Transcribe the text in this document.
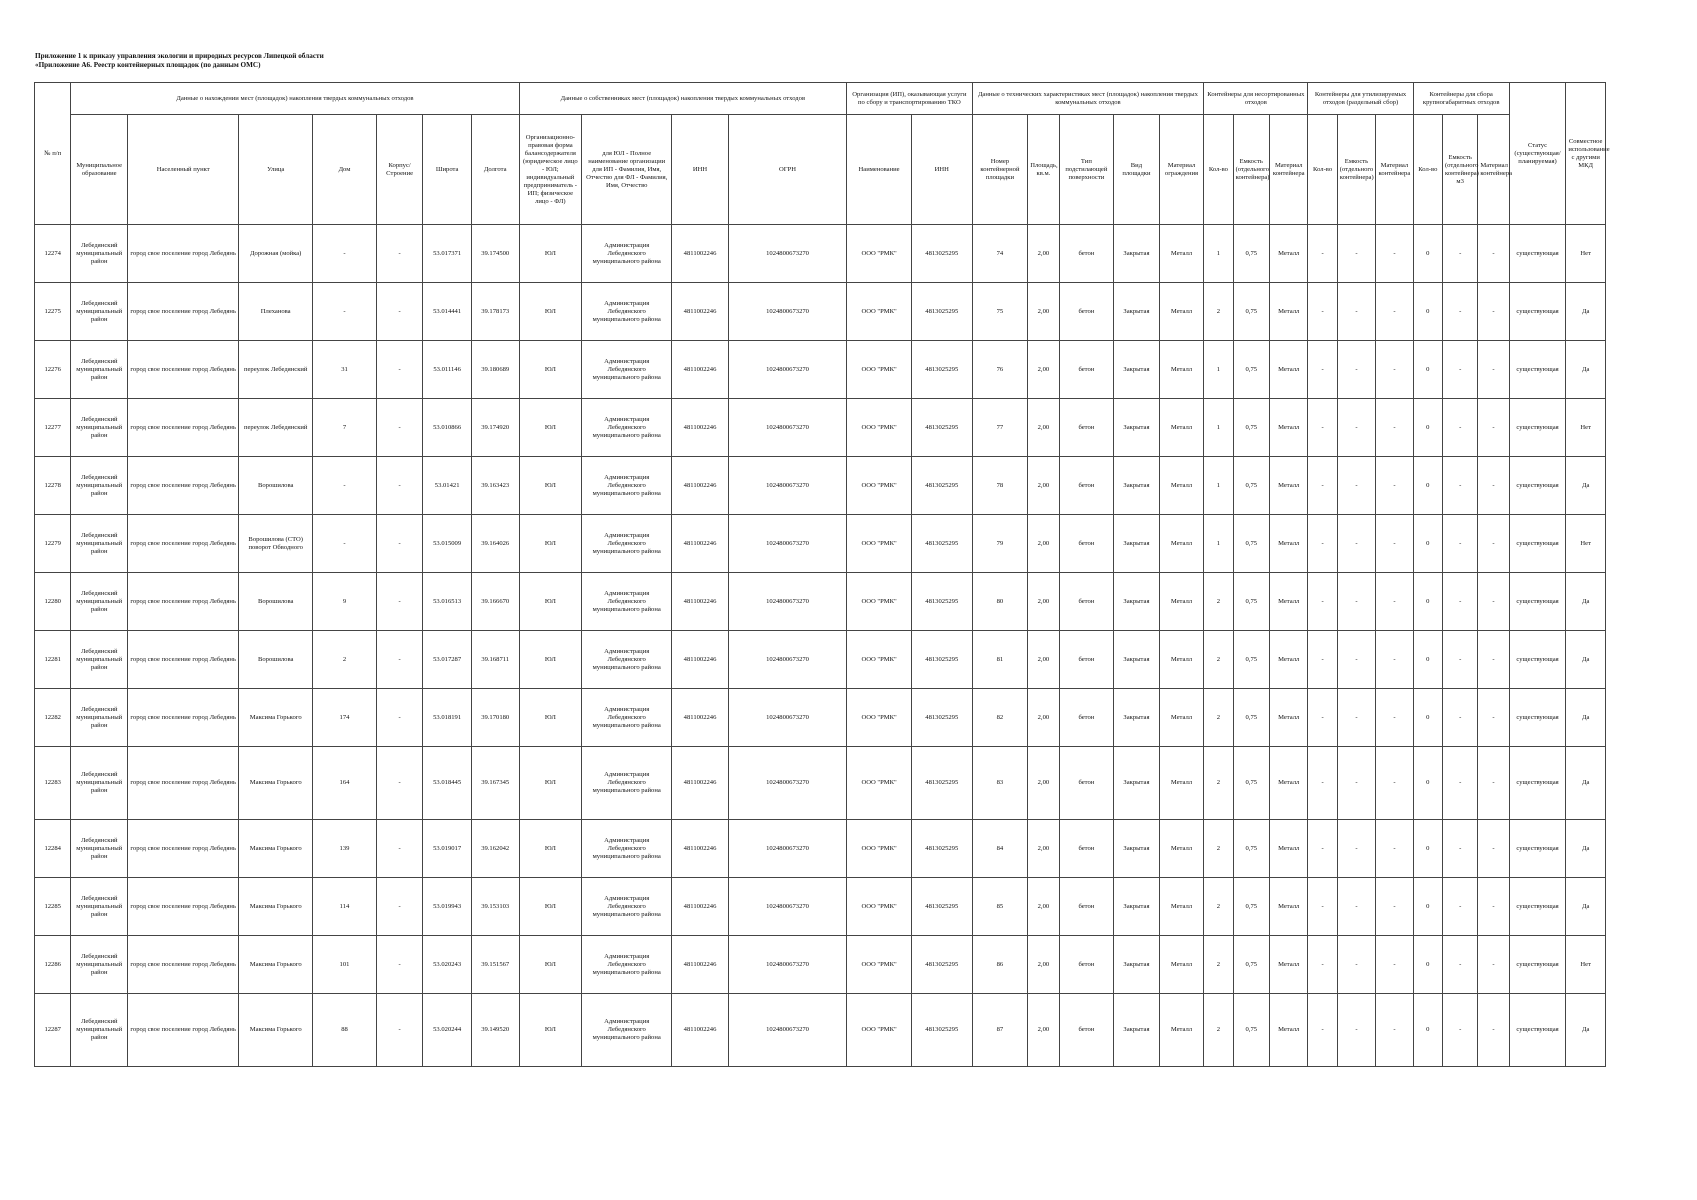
Приложение 1 к приказу управления экологии и природных ресурсов Липецкой области
«Приложение А6. Реестр контейнерных площадок (по данным ОМС)
№ п/п	Данные о нахождении мест (площадок) накопления твердых коммунальных отходов							Данные о собственниках мест (площадок) накопления твердых коммунальных отходов				Организация (ИП), оказывающая услуги по сбору и транспортированию ТКО		Данные о технических характеристиках мест (площадок) накопления твердых коммунальных отходов					Контейнеры для несортированных отходов			Контейнеры для утилизируемых отходов (раздельный сбор)			Контейнеры для сбора крупногабаритных отходов			Статус (существующая/ планируемая)	Совместное использование с другими МКД
	Муниципальное образование	Населенный пункт	Улица	Дом	Корпус/Строение	Широта	Долгота	Организационно-правовая форма балансодержателя (юридическое лицо - ЮЛ; индивидуальный предприниматель - ИП; физическое лицо - ФЛ)	для ЮЛ - Полное наименование организации для ИП - Фамилия, Имя, Отчество для ФЛ - Фамилия, Имя, Отчество	ИНН	ОГРН	Наименование	ИНН	Номер контейнерной площадки	Площадь, кв.м.	Тип подстилающей поверхности	Вид площадки	Материал ограждения	Кол-во	Емкость (отдельного контейнера)	Материал контейнера	Кол-во	Емкость (отдельного контейнера)	Материал контейнера	Кол-во	Емкость (отдельного контейнера) м3	Материал контейнера		
12274	Лебедянский муниципальный район	город свое поселение город Лебедянь	Дорожная (мойка)	-	-	53.017371	39.174500	ЮЛ	Администрация Лебедянского муниципального района	4811002246	1024800673270	ООО "РМК"	4813025295	74	2,00	бетон	Закрытая	Металл	1	0,75	Металл	-	-	-	0	-	-	существующая	Нет
12275	Лебедянский муниципальный район	город свое поселение город Лебедянь	Плеханова	-	-	53.014441	39.178173	ЮЛ	Администрация Лебедянского муниципального района	4811002246	1024800673270	ООО "РМК"	4813025295	75	2,00	бетон	Закрытая	Металл	2	0,75	Металл	-	-	-	0	-	-	существующая	Да
12276	Лебедянский муниципальный район	город свое поселение город Лебедянь	переулок Лебедянский	31	-	53.011146	39.180689	ЮЛ	Администрация Лебедянского муниципального района	4811002246	1024800673270	ООО "РМК"	4813025295	76	2,00	бетон	Закрытая	Металл	1	0,75	Металл	-	-	-	0	-	-	существующая	Да
12277	Лебедянский муниципальный район	город свое поселение город Лебедянь	переулок Лебедянский	7	-	53.010866	39.174920	ЮЛ	Администрация Лебедянского муниципального района	4811002246	1024800673270	ООО "РМК"	4813025295	77	2,00	бетон	Закрытая	Металл	1	0,75	Металл	-	-	-	0	-	-	существующая	Нет
12278	Лебедянский муниципальный район	город свое поселение город Лебедянь	Ворошилова	-	-	53.01421	39.163423	ЮЛ	Администрация Лебедянского муниципального района	4811002246	1024800673270	ООО "РМК"	4813025295	78	2,00	бетон	Закрытая	Металл	1	0,75	Металл	-	-	-	0	-	-	существующая	Да
12279	Лебедянский муниципальный район	город свое поселение город Лебедянь	Ворошилова (СТО) поворот Обводного	-	-	53.015009	39.164026	ЮЛ	Администрация Лебедянского муниципального района	4811002246	1024800673270	ООО "РМК"	4813025295	79	2,00	бетон	Закрытая	Металл	1	0,75	Металл	-	-	-	0	-	-	существующая	Нет
12280	Лебедянский муниципальный район	город свое поселение город Лебедянь	Ворошилова	9	-	53.016513	39.166670	ЮЛ	Администрация Лебедянского муниципального района	4811002246	1024800673270	ООО "РМК"	4813025295	80	2,00	бетон	Закрытая	Металл	2	0,75	Металл	-	-	-	0	-	-	существующая	Да
12281	Лебедянский муниципальный район	город свое поселение город Лебедянь	Ворошилова	2	-	53.017287	39.168711	ЮЛ	Администрация Лебедянского муниципального района	4811002246	1024800673270	ООО "РМК"	4813025295	81	2,00	бетон	Закрытая	Металл	2	0,75	Металл	-	-	-	0	-	-	существующая	Да
12282	Лебедянский муниципальный район	город свое поселение город Лебедянь	Максима Горького	174	-	53.018191	39.170180	ЮЛ	Администрация Лебедянского муниципального района	4811002246	1024800673270	ООО "РМК"	4813025295	82	2,00	бетон	Закрытая	Металл	2	0,75	Металл	-	-	-	0	-	-	существующая	Да
12283	Лебедянский муниципальный район	город свое поселение город Лебедянь	Максима Горького	164	-	53.018445	39.167345	ЮЛ	Администрация Лебедянского муниципального района	4811002246	1024800673270	ООО "РМК"	4813025295	83	2,00	бетон	Закрытая	Металл	2	0,75	Металл	-	-	-	0	-	-	существующая	Да
12284	Лебедянский муниципальный район	город свое поселение город Лебедянь	Максима Горького	139	-	53.019017	39.162042	ЮЛ	Администрация Лебедянского муниципального района	4811002246	1024800673270	ООО "РМК"	4813025295	84	2,00	бетон	Закрытая	Металл	2	0,75	Металл	-	-	-	0	-	-	существующая	Да
12285	Лебедянский муниципальный район	город свое поселение город Лебедянь	Максима Горького	114	-	53.019943	39.153103	ЮЛ	Администрация Лебедянского муниципального района	4811002246	1024800673270	ООО "РМК"	4813025295	85	2,00	бетон	Закрытая	Металл	2	0,75	Металл	-	-	-	0	-	-	существующая	Да
12286	Лебедянский муниципальный район	город свое поселение город Лебедянь	Максима Горького	101	-	53.020243	39.151567	ЮЛ	Администрация Лебедянского муниципального района	4811002246	1024800673270	ООО "РМК"	4813025295	86	2,00	бетон	Закрытая	Металл	2	0,75	Металл	-	-	-	0	-	-	существующая	Нет
12287	Лебедянский муниципальный район	город свое поселение город Лебедянь	Максима Горького	88	-	53.020244	39.149520	ЮЛ	Администрация Лебедянского муниципального района	4811002246	1024800673270	ООО "РМК"	4813025295	87	2,00	бетон	Закрытая	Металл	2	0,75	Металл	-	-	-	0	-	-	существующая	Да
